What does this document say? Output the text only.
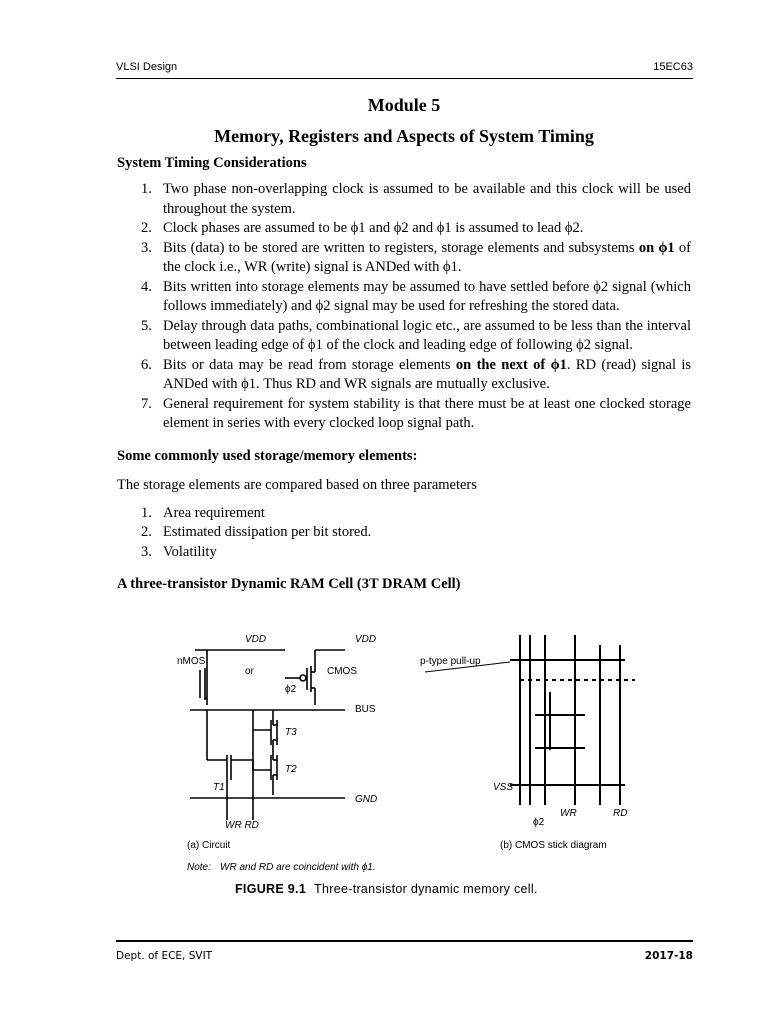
VLSI Design	15EC63
Module 5
Memory, Registers and Aspects of System Timing
System Timing Considerations
1. Two phase non-overlapping clock is assumed to be available and this clock will be used throughout the system.
2. Clock phases are assumed to be ϕ1 and ϕ2 and ϕ1 is assumed to lead ϕ2.
3. Bits (data) to be stored are written to registers, storage elements and subsystems on ϕ1 of the clock i.e., WR (write) signal is ANDed with ϕ1.
4. Bits written into storage elements may be assumed to have settled before ϕ2 signal (which follows immediately) and ϕ2 signal may be used for refreshing the stored data.
5. Delay through data paths, combinational logic etc., are assumed to be less than the interval between leading edge of ϕ1 of the clock and leading edge of following ϕ2 signal.
6. Bits or data may be read from storage elements on the next of ϕ1. RD (read) signal is ANDed with ϕ1. Thus RD and WR signals are mutually exclusive.
7. General requirement for system stability is that there must be at least one clocked storage element in series with every clocked loop signal path.
Some commonly used storage/memory elements:
The storage elements are compared based on three parameters
1. Area requirement
2. Estimated dissipation per bit stored.
3. Volatility
A three-transistor Dynamic RAM Cell (3T DRAM Cell)
VDD	VDD
nMOS
or	CMOS
ϕ2
BUS
T3
T2
T1
GND
WR RD
(a) Circuit
Note: WR and RD are coincident with ϕ1.
p-type pull-up
VSS
ϕ2
WR	RD
(b) CMOS stick diagram
FIGURE 9.1 Three-transistor dynamic memory cell.
Dept. of ECE, SVIT	2017-18
